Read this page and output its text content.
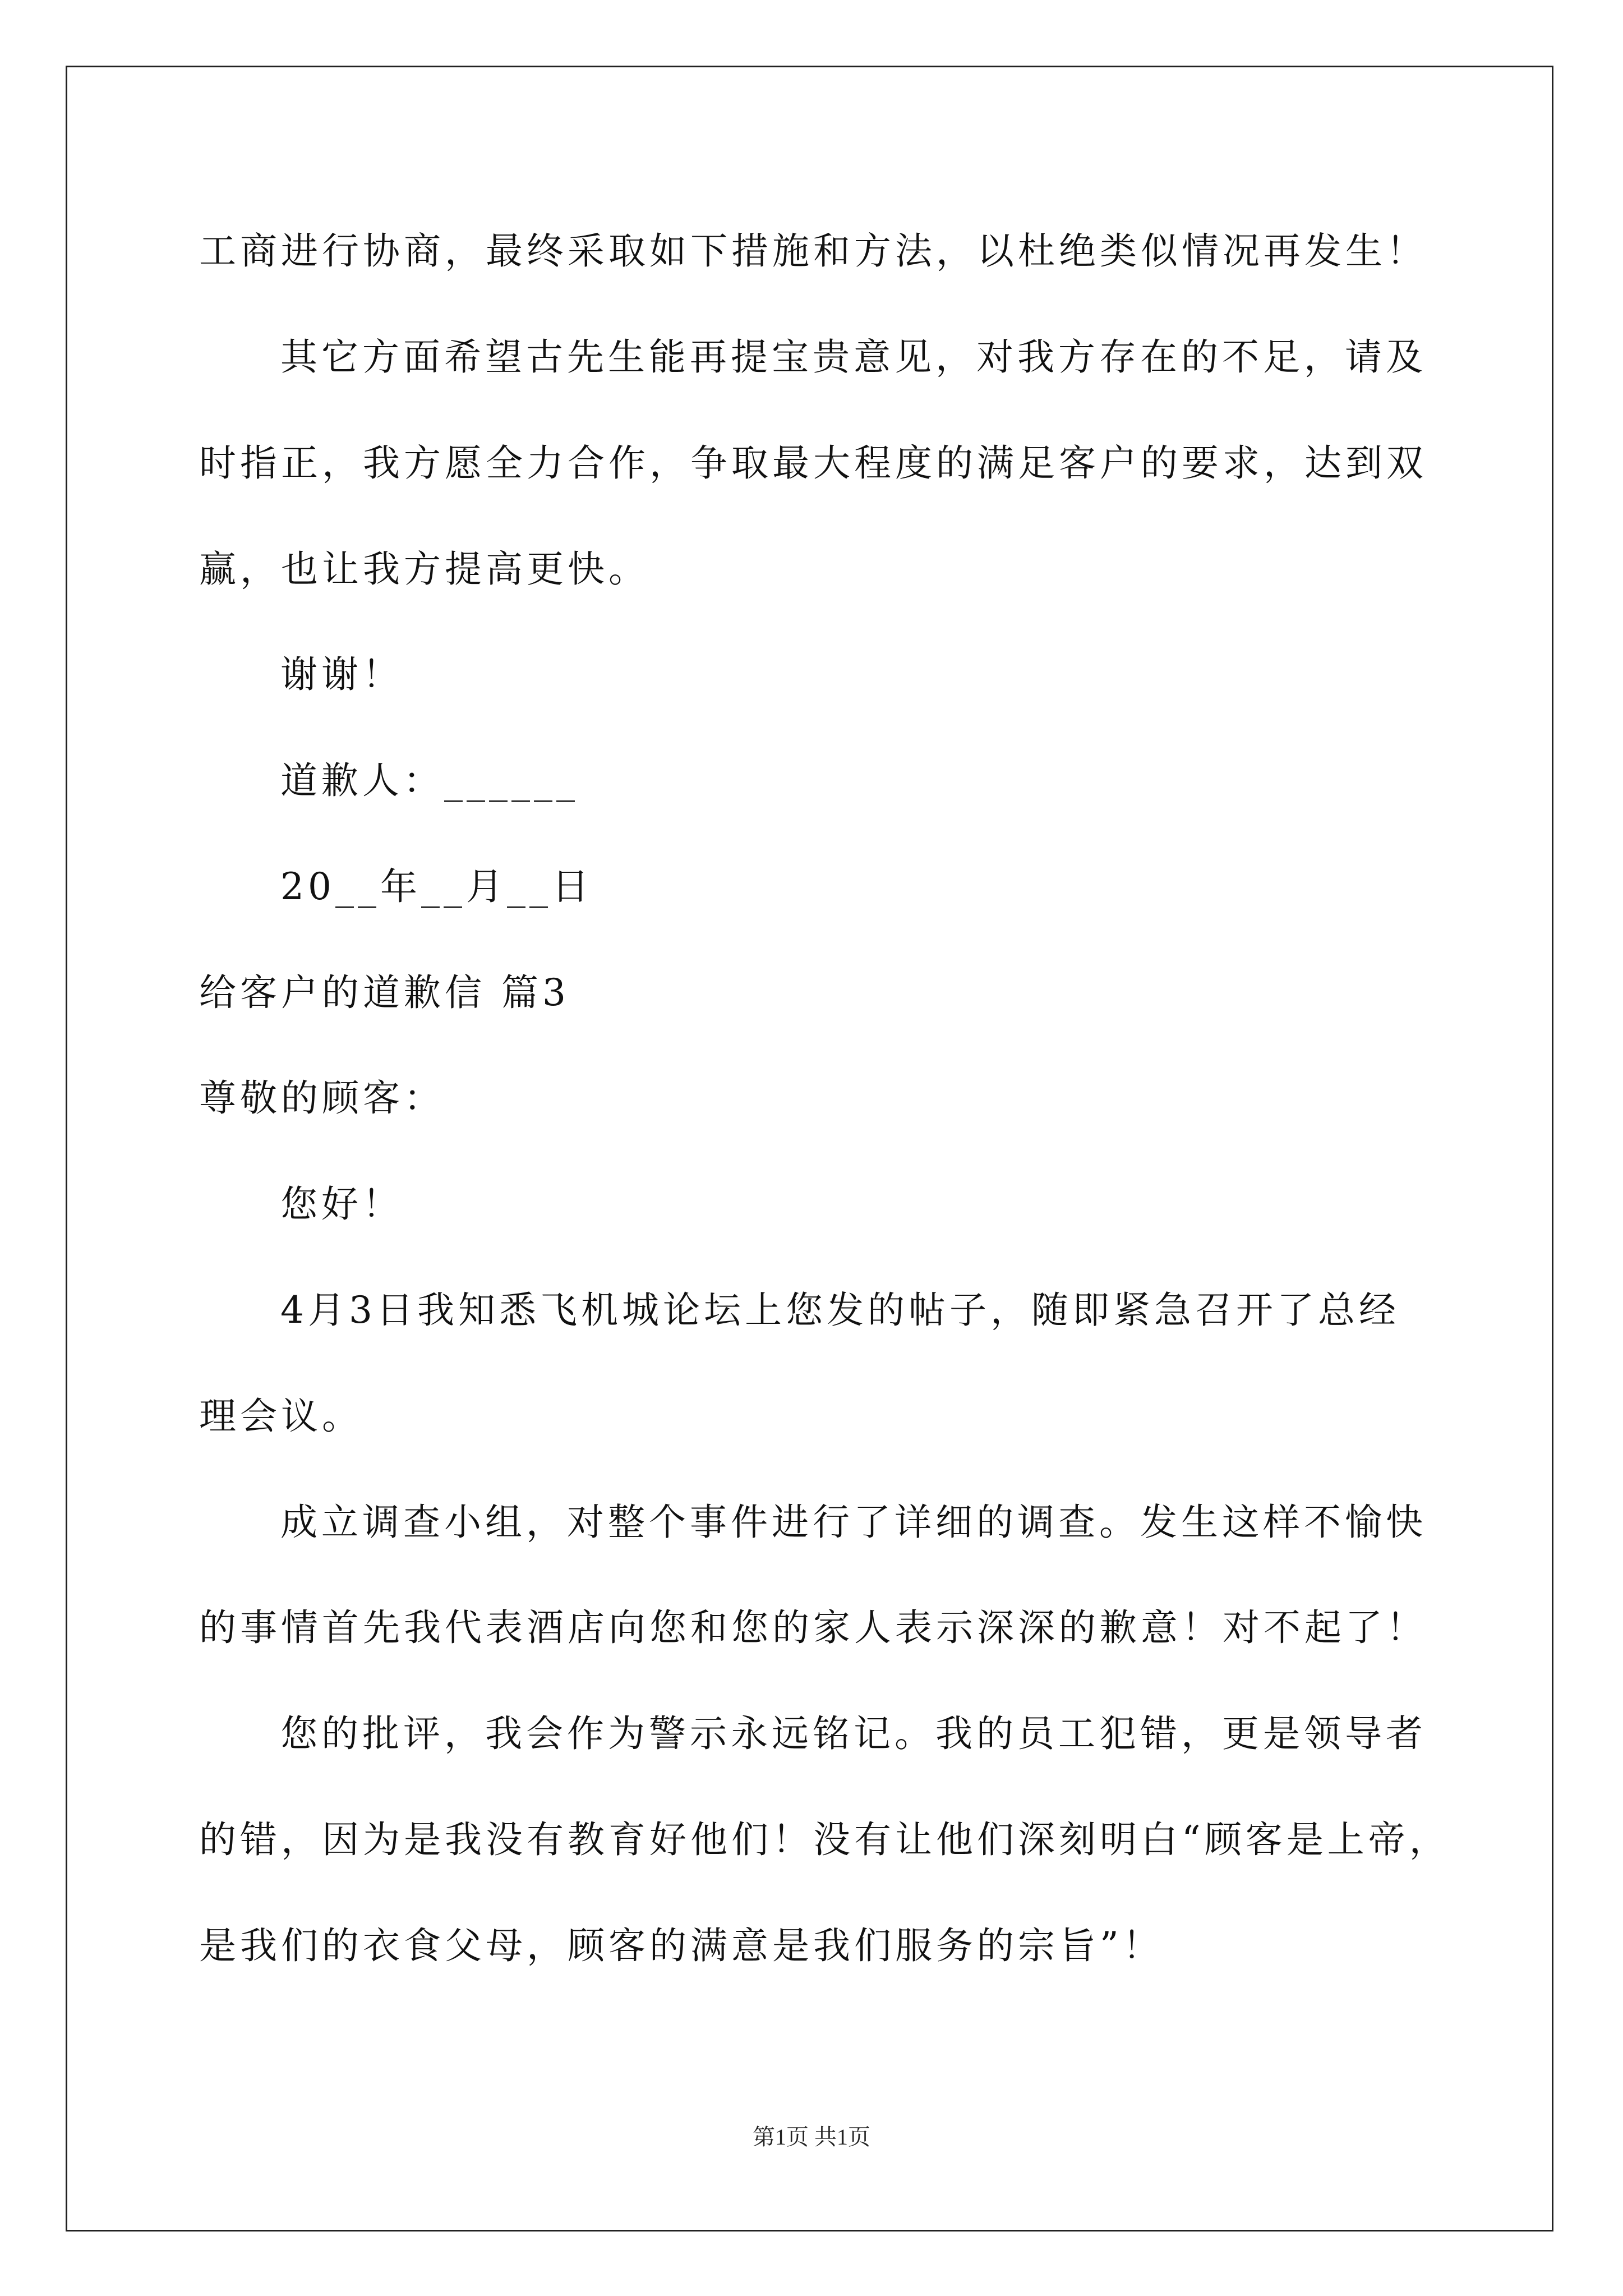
工商进行协商，最终采取如下措施和方法，以杜绝类似情况再发生！
其它方面希望古先生能再提宝贵意见，对我方存在的不足，请及
时指正，我方愿全力合作，争取最大程度的满足客户的要求，达到双
赢，也让我方提高更快。
谢谢！
道歉人：______
20__年__月__日
给客户的道歉信 篇3
尊敬的顾客：
您好！
4月3日我知悉飞机城论坛上您发的帖子，随即紧急召开了总经
理会议。
成立调查小组，对整个事件进行了详细的调查。发生这样不愉快
的事情首先我代表酒店向您和您的家人表示深深的歉意！对不起了！
您的批评，我会作为警示永远铭记。我的员工犯错，更是领导者
的错，因为是我没有教育好他们！没有让他们深刻明白“顾客是上帝，
是我们的衣食父母，顾客的满意是我们服务的宗旨”！
第1页 共1页
